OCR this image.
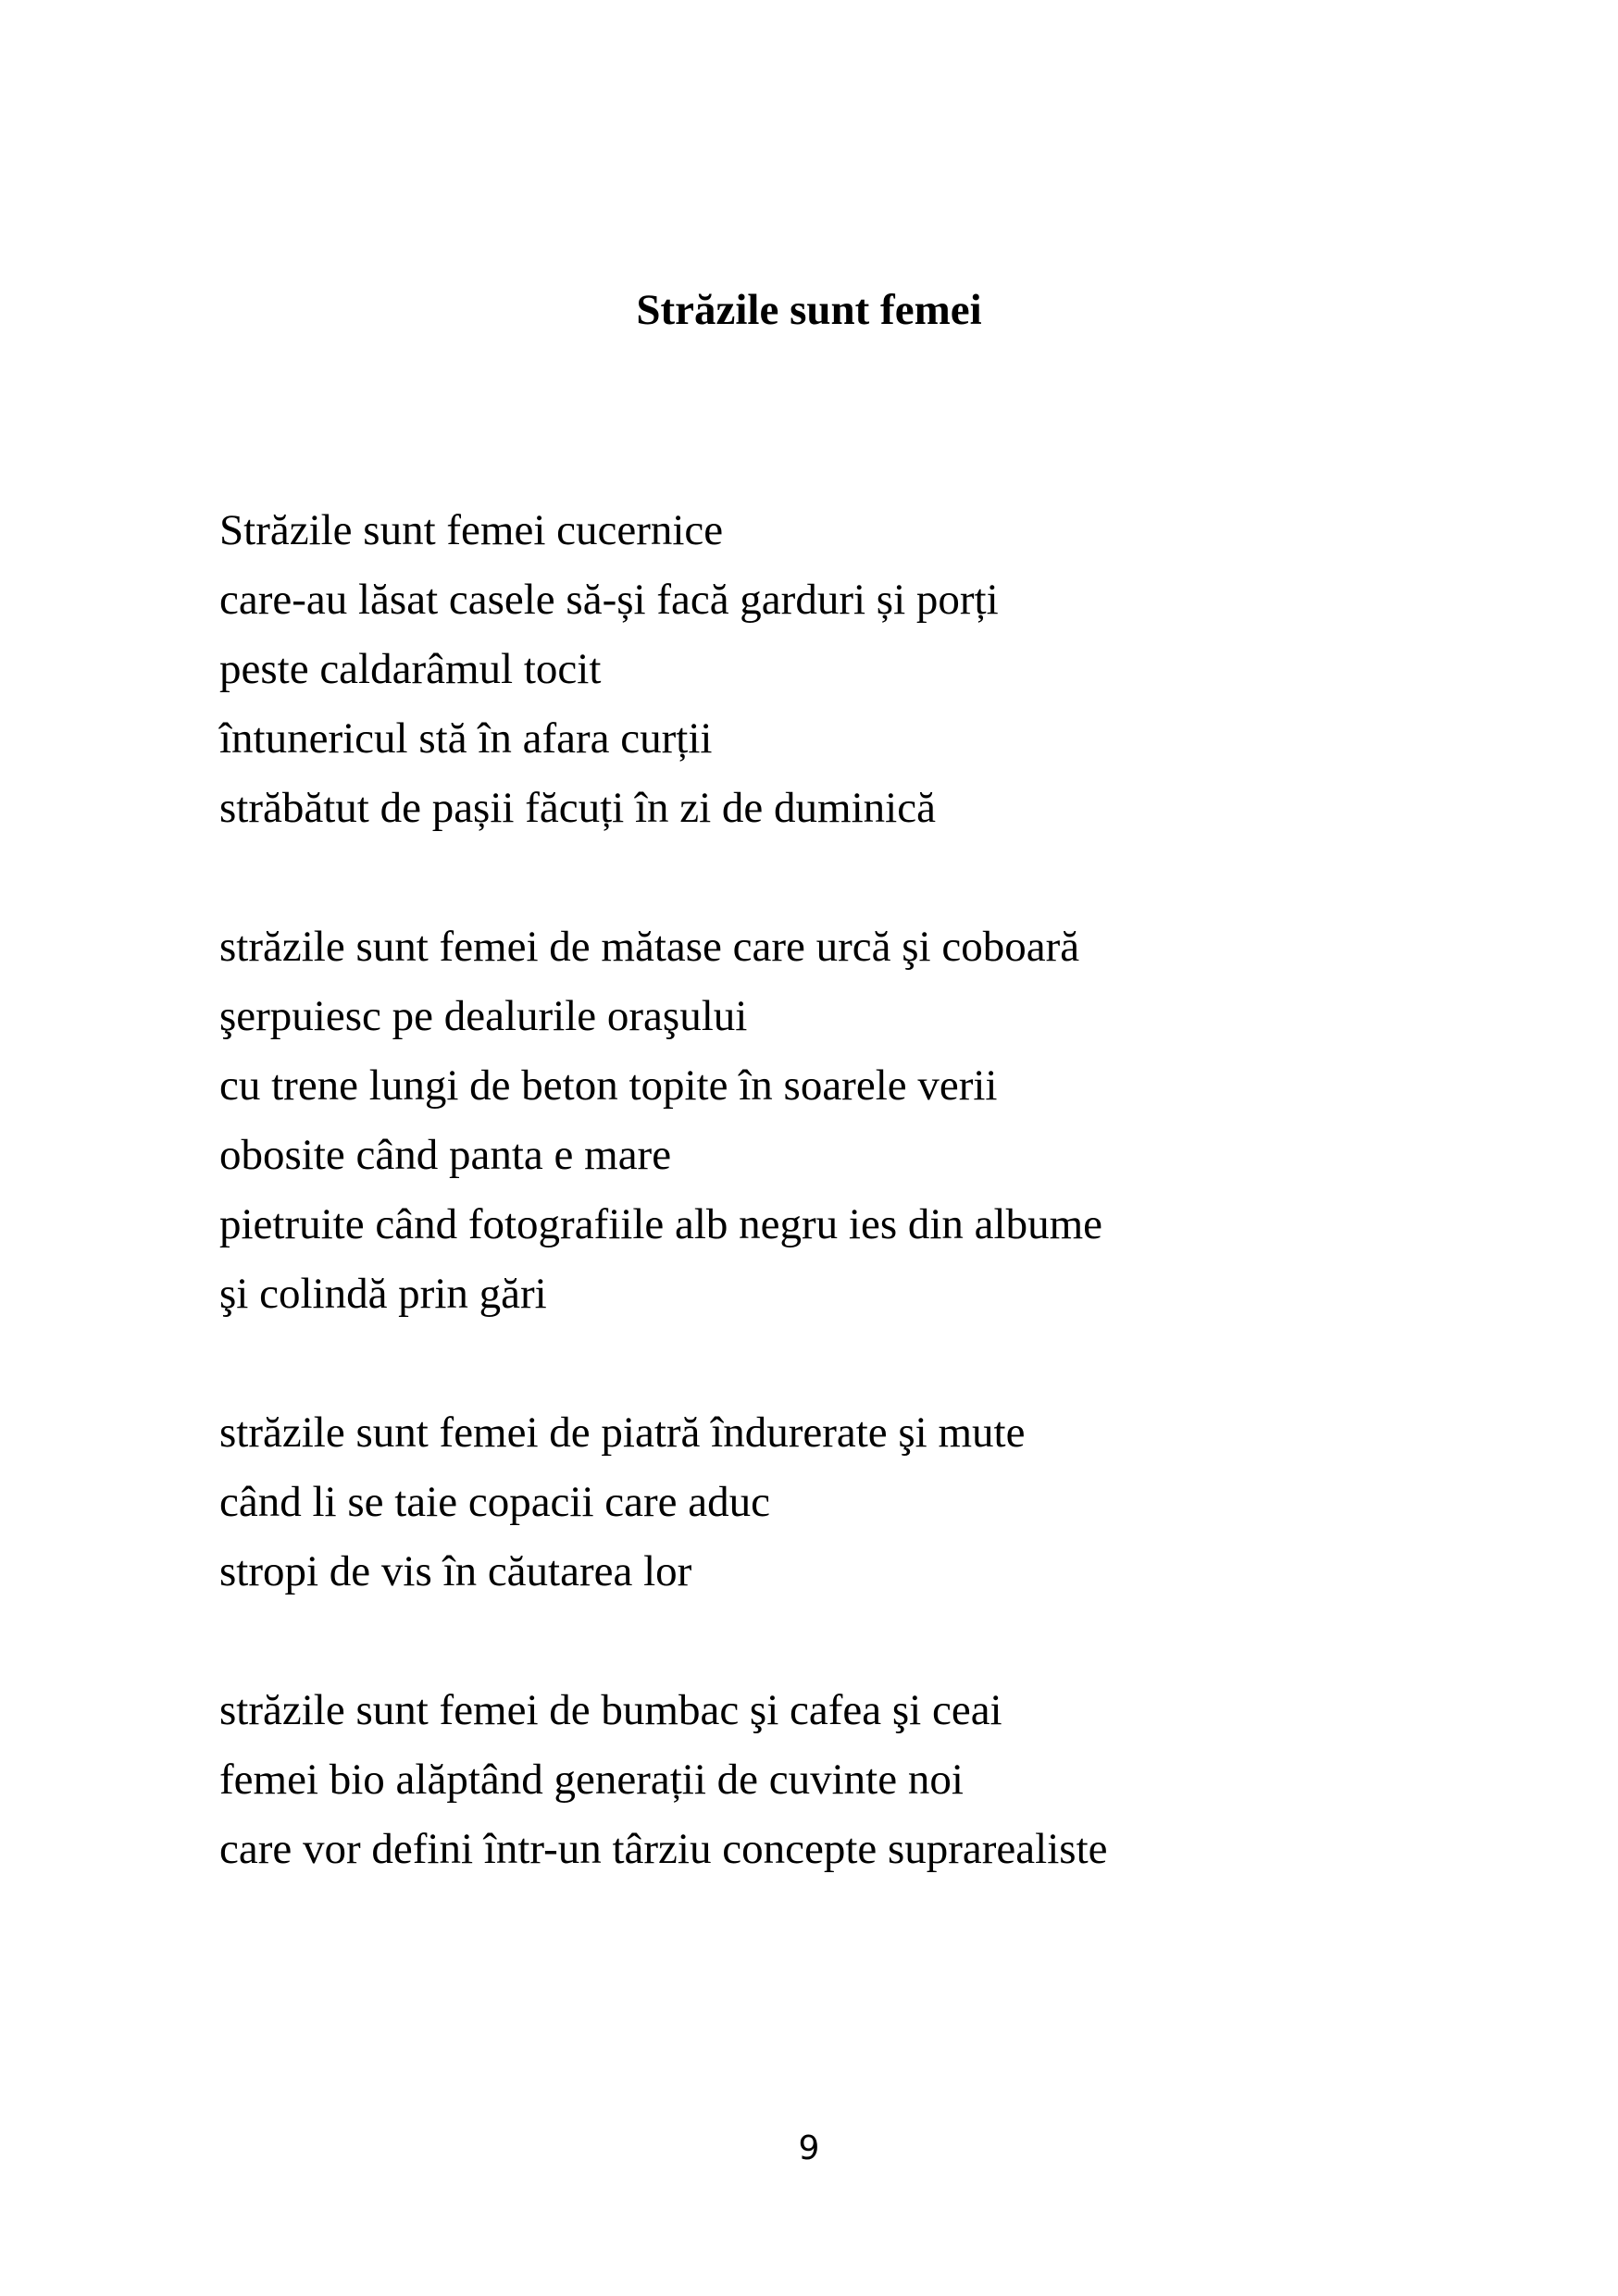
Străzile sunt femei
Străzile sunt femei cucernice
care-au lăsat casele să-și facă garduri și porți
peste caldarâmul tocit
întunericul stă în afara curții
străbătut de pașii făcuți în zi de duminică
străzile sunt femei de mătase care urcă şi coboară
şerpuiesc pe dealurile oraşului
cu trene lungi de beton topite în soarele verii
obosite când panta e mare
pietruite când fotografiile alb negru ies din albume
şi colindă prin gări
străzile sunt femei de piatră îndurerate şi mute
când li se taie copacii care aduc
stropi de vis în căutarea lor
străzile sunt femei de bumbac şi cafea şi ceai
femei bio alăptând generații de cuvinte noi
care vor defini într-un târziu concepte suprarealiste
9
